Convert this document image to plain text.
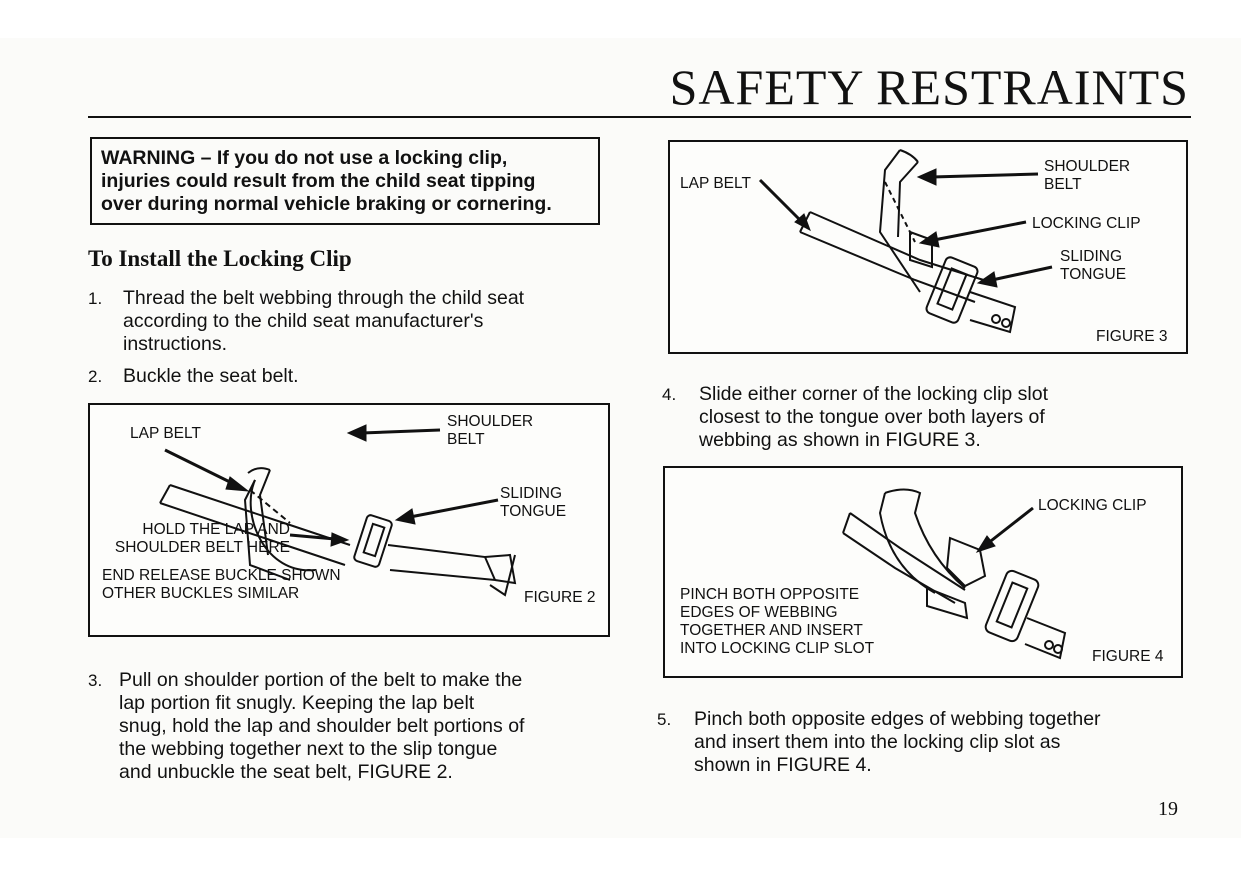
SAFETY RESTRAINTS
WARNING – If you do not use a locking clip,
injuries could result from the child seat tipping
over during normal vehicle braking or cornering.
To Install the Locking Clip
1. Thread the belt webbing through the child seat
according to the child seat manufacturer's
instructions.
2. Buckle the seat belt.
LAP BELT
SHOULDER
BELT
SLIDING
TONGUE
HOLD THE LAP AND
SHOULDER BELT HERE
END RELEASE BUCKLE SHOWN
OTHER BUCKLES SIMILAR	FIGURE 2
3. Pull on shoulder portion of the belt to make the
lap portion fit snugly. Keeping the lap belt
snug, hold the lap and shoulder belt portions of
the webbing together next to the slip tongue
and unbuckle the seat belt, FIGURE 2.
LAP BELT
SHOULDER
BELT
LOCKING CLIP
SLIDING
TONGUE
FIGURE 3
4. Slide either corner of the locking clip slot
closest to the tongue over both layers of
webbing as shown in FIGURE 3.
LOCKING CLIP
PINCH BOTH OPPOSITE
EDGES OF WEBBING
TOGETHER AND INSERT
INTO LOCKING CLIP SLOT	FIGURE 4
5. Pinch both opposite edges of webbing together
and insert them into the locking clip slot as
shown in FIGURE 4.
19
